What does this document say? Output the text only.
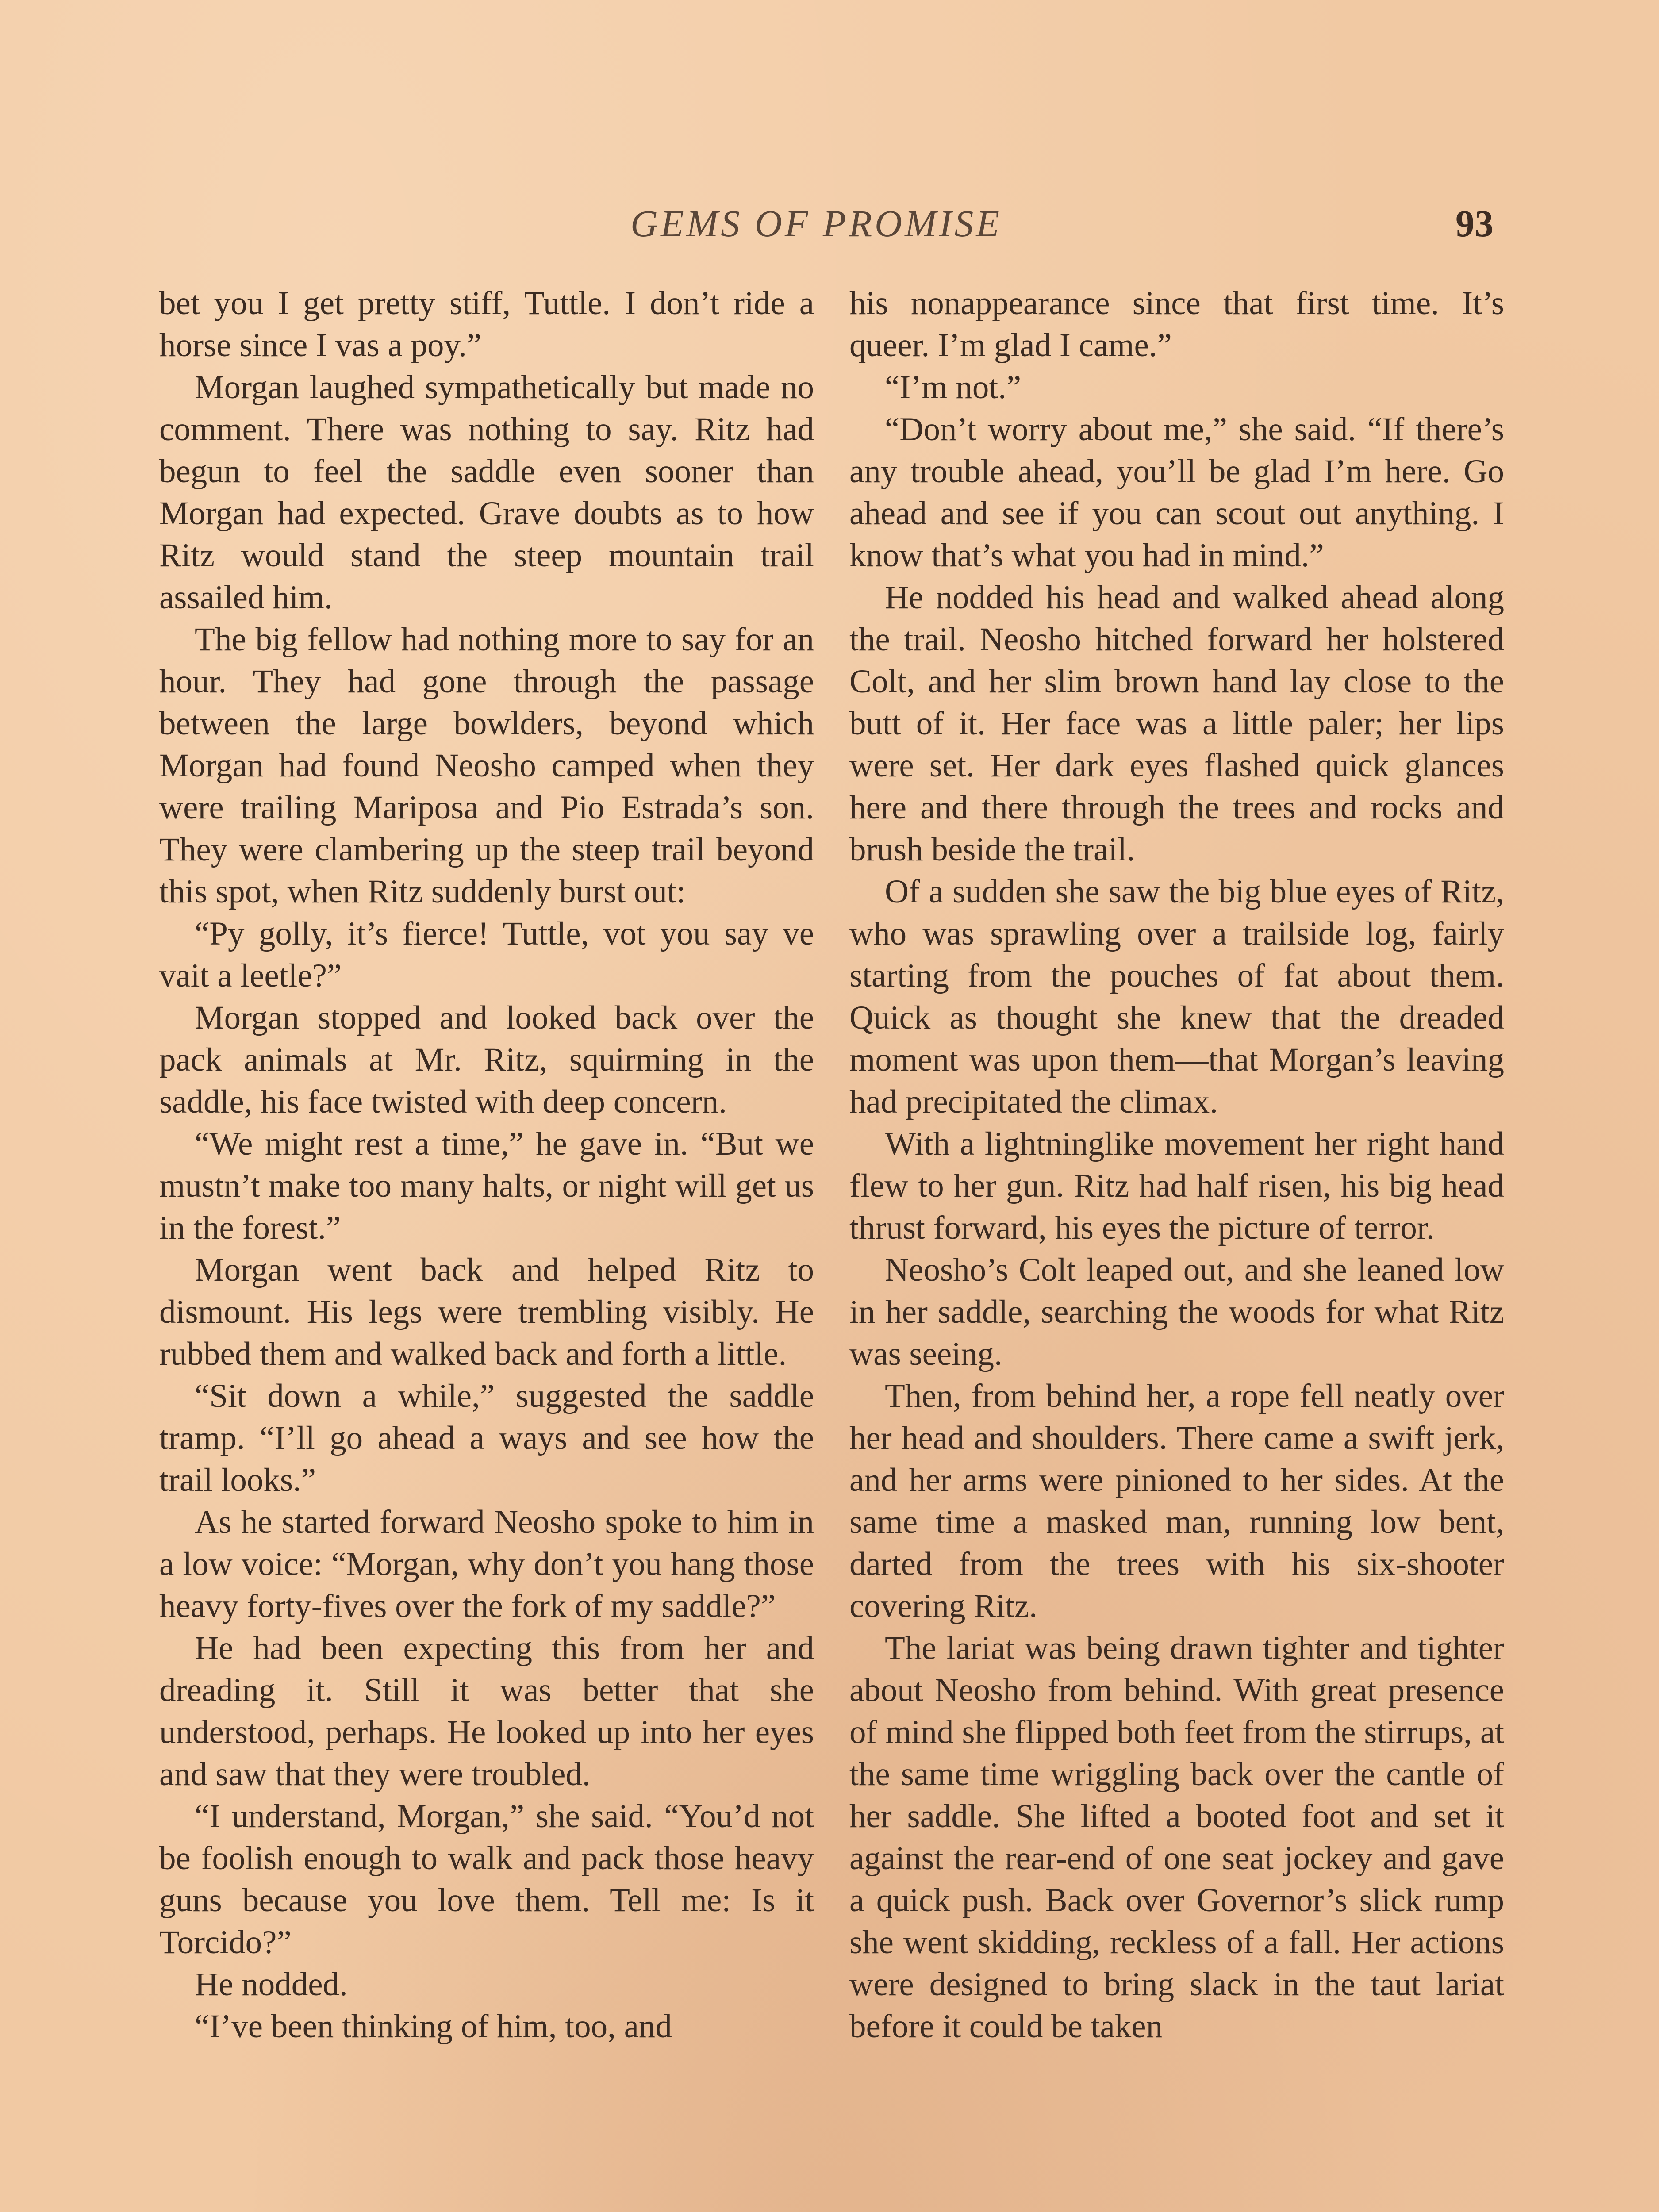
GEMS OF PROMISE	93

bet you I get pretty stiff, Tuttle. I don’t ride a horse since I vas a poy.”

Morgan laughed sympathetically but made no comment. There was nothing to say. Ritz had begun to feel the saddle even sooner than Morgan had expected. Grave doubts as to how Ritz would stand the steep mountain trail assailed him.

The big fellow had nothing more to say for an hour. They had gone through the passage between the large bowlders, beyond which Morgan had found Neosho camped when they were trailing Mariposa and Pio Estrada’s son. They were clambering up the steep trail beyond this spot, when Ritz suddenly burst out:

“Py golly, it’s fierce! Tuttle, vot you say ve vait a leetle?”

Morgan stopped and looked back over the pack animals at Mr. Ritz, squirming in the saddle, his face twisted with deep concern.

“We might rest a time,” he gave in. “But we mustn’t make too many halts, or night will get us in the forest.”

Morgan went back and helped Ritz to dismount. His legs were trembling visibly. He rubbed them and walked back and forth a little.

“Sit down a while,” suggested the saddle tramp. “I’ll go ahead a ways and see how the trail looks.”

As he started forward Neosho spoke to him in a low voice: “Morgan, why don’t you hang those heavy forty-fives over the fork of my saddle?”

He had been expecting this from her and dreading it. Still it was better that she understood, perhaps. He looked up into her eyes and saw that they were troubled.

“I understand, Morgan,” she said. “You’d not be foolish enough to walk and pack those heavy guns because you love them. Tell me: Is it Torcido?”

He nodded.

“I’ve been thinking of him, too, and

his nonappearance since that first time. It’s queer. I’m glad I came.”

“I’m not.”

“Don’t worry about me,” she said. “If there’s any trouble ahead, you’ll be glad I’m here. Go ahead and see if you can scout out anything. I know that’s what you had in mind.”

He nodded his head and walked ahead along the trail. Neosho hitched forward her holstered Colt, and her slim brown hand lay close to the butt of it. Her face was a little paler; her lips were set. Her dark eyes flashed quick glances here and there through the trees and rocks and brush beside the trail.

Of a sudden she saw the big blue eyes of Ritz, who was sprawling over a trailside log, fairly starting from the pouches of fat about them. Quick as thought she knew that the dreaded moment was upon them—that Morgan’s leaving had precipitated the climax.

With a lightninglike movement her right hand flew to her gun. Ritz had half risen, his big head thrust forward, his eyes the picture of terror.

Neosho’s Colt leaped out, and she leaned low in her saddle, searching the woods for what Ritz was seeing.

Then, from behind her, a rope fell neatly over her head and shoulders. There came a swift jerk, and her arms were pinioned to her sides. At the same time a masked man, running low bent, darted from the trees with his six-shooter covering Ritz.

The lariat was being drawn tighter and tighter about Neosho from behind. With great presence of mind she flipped both feet from the stirrups, at the same time wriggling back over the cantle of her saddle. She lifted a booted foot and set it against the rear-end of one seat jockey and gave a quick push. Back over Governor’s slick rump she went skidding, reckless of a fall. Her actions were designed to bring slack in the taut lariat before it could be taken
